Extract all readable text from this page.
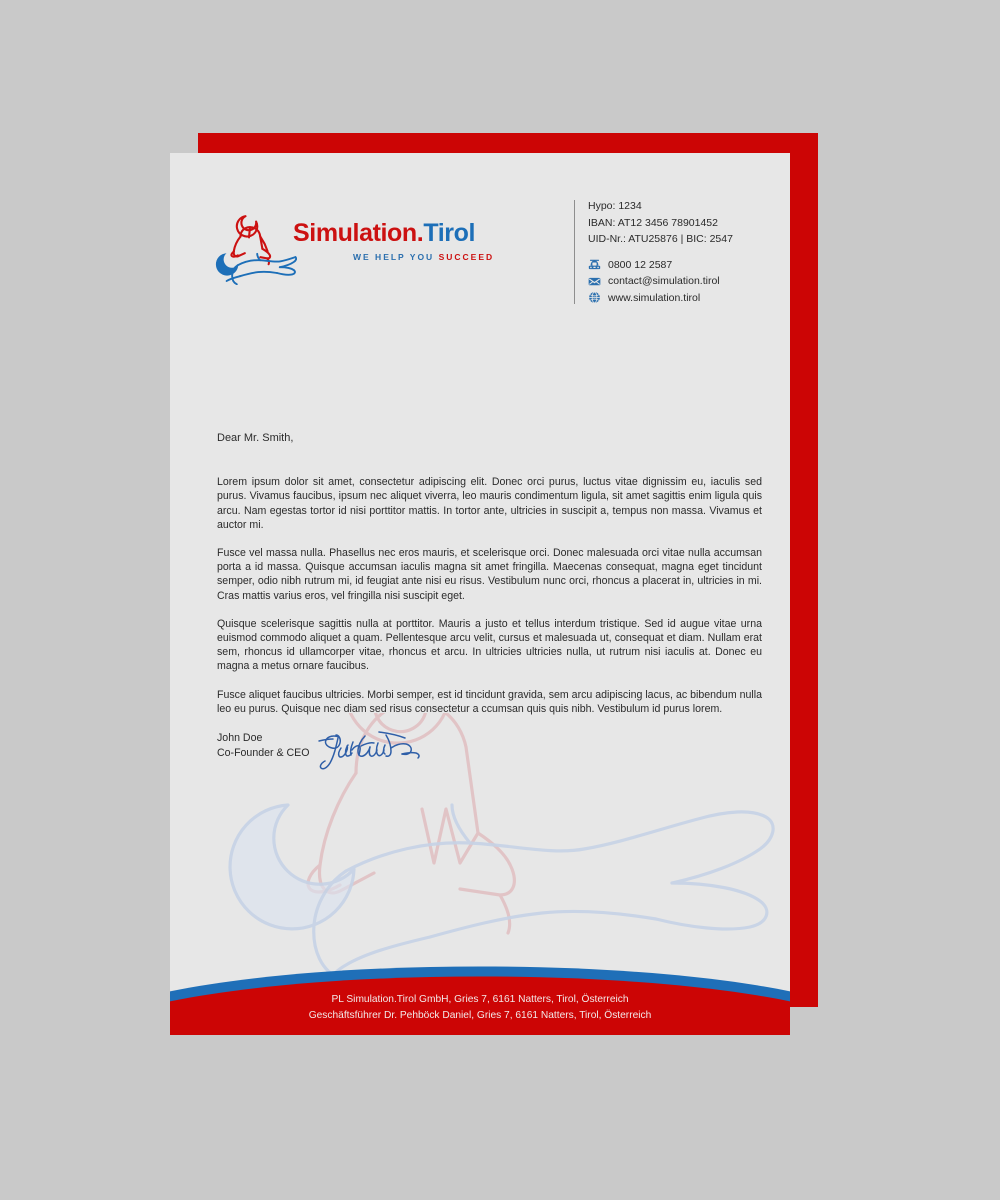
Simulation.Tirol
WE HELP YOU SUCCEED
Hypo: 1234
IBAN: AT12 3456 78901452
UID-Nr.: ATU25876 | BIC: 2547
0800 12 2587
contact@simulation.tirol
www.simulation.tirol
Dear Mr. Smith,

Lorem ipsum dolor sit amet, consectetur adipiscing elit. Donec orci purus, luctus vitae dignissim eu, iaculis sed purus. Vivamus faucibus, ipsum nec aliquet viverra, leo mauris condimentum ligula, sit amet sagittis enim ligula quis arcu. Nam egestas tortor id nisi porttitor mattis. In tortor ante, ultricies in suscipit a, tempus non massa. Vivamus et auctor mi.

Fusce vel massa nulla. Phasellus nec eros mauris, et scelerisque orci. Donec malesuada orci vitae nulla accumsan porta a id massa. Quisque accumsan iaculis magna sit amet fringilla. Maecenas consequat, magna eget tincidunt semper, odio nibh rutrum mi, id feugiat ante nisi eu risus. Vestibulum nunc orci, rhoncus a placerat in, ultricies in mi. Cras mattis varius eros, vel fringilla nisi suscipit eget.

Quisque scelerisque sagittis nulla at porttitor. Mauris a justo et tellus interdum tristique. Sed id augue vitae urna euismod commodo aliquet a quam. Pellentesque arcu velit, cursus et malesuada ut, consequat et diam. Nullam erat sem, rhoncus id ullamcorper vitae, rhoncus et arcu. In ultricies ultricies nulla, ut rutrum nisi iaculis at. Donec eu magna a metus ornare faucibus.

Fusce aliquet faucibus ultricies. Morbi semper, est id tincidunt gravida, sem arcu adipiscing lacus, ac bibendum nulla leo eu purus. Quisque nec diam sed risus consectetur a ccumsan quis quis nibh. Vestibulum id purus lorem.

John Doe
Co-Founder & CEO
PL Simulation.Tirol GmbH, Gries 7, 6161 Natters, Tirol, Österreich
Geschäftsführer Dr. Pehböck Daniel, Gries 7, 6161 Natters, Tirol, Österreich
